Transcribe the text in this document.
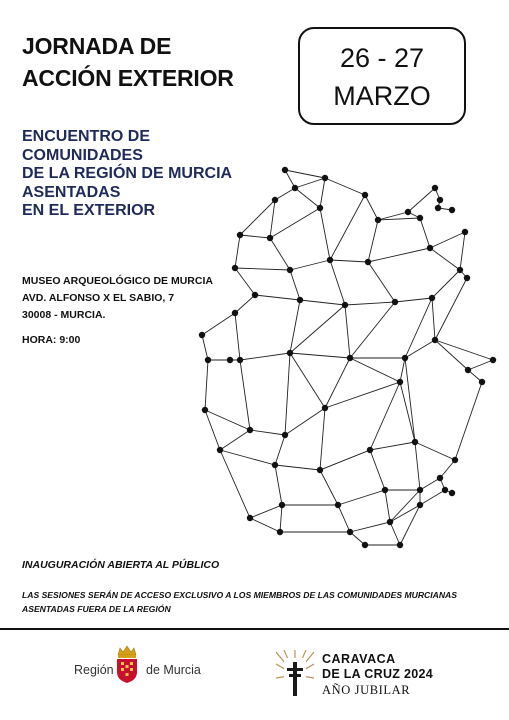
JORNADA DE
ACCIÓN EXTERIOR
26 - 27
MARZO
ENCUENTRO DE
COMUNIDADES
DE LA REGIÓN DE MURCIA
ASENTADAS
EN EL EXTERIOR
MUSEO ARQUEOLÓGICO DE MURCIA
AVD. ALFONSO X EL SABIO, 7
30008 - MURCIA.
HORA: 9:00
INAUGURACIÓN ABIERTA AL PÚBLICO
LAS SESIONES SERÁN DE ACCESO EXCLUSIVO A LOS MIEMBROS DE LAS COMUNIDADES MURCIANAS ASENTADAS FUERA DE LA REGIÓN
Región	de Murcia
CARAVACA
DE LA CRUZ 2024
AÑO JUBILAR
